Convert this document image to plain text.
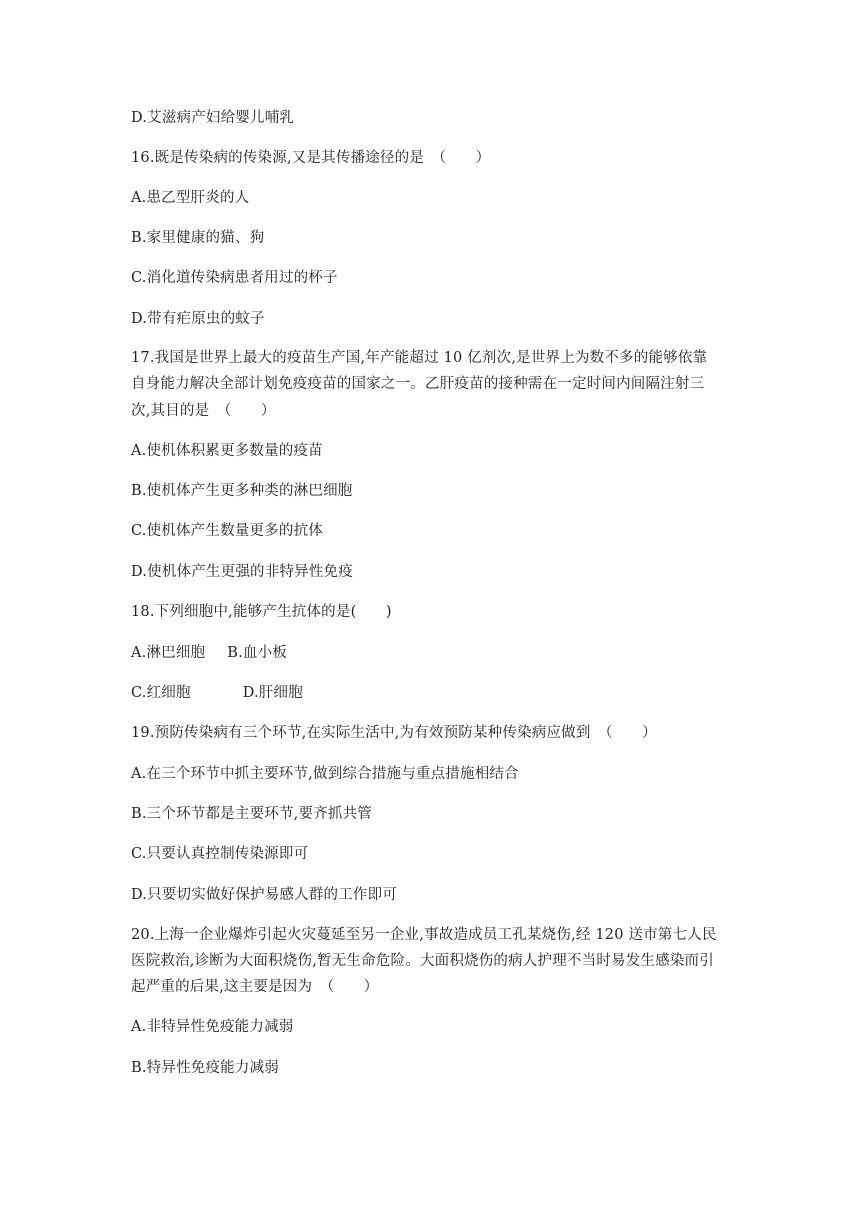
D.艾滋病产妇给婴儿哺乳
16.既是传染病的传染源,又是其传播途径的是　（　　）
A.患乙型肝炎的人
B.家里健康的猫、狗
C.消化道传染病患者用过的杯子
D.带有疟原虫的蚊子
17.我国是世界上最大的疫苗生产国,年产能超过 10 亿剂次,是世界上为数不多的能够依靠
自身能力解决全部计划免疫疫苗的国家之一。乙肝疫苗的接种需在一定时间内间隔注射三
次,其目的是　（　　）
A.使机体积累更多数量的疫苗
B.使机体产生更多种类的淋巴细胞
C.使机体产生数量更多的抗体
D.使机体产生更强的非特异性免疫
18.下列细胞中,能够产生抗体的是(　　)
A.淋巴细胞 B.血小板
C.红细胞	D.肝细胞
19.预防传染病有三个环节,在实际生活中,为有效预防某种传染病应做到　（　　）
A.在三个环节中抓主要环节,做到综合措施与重点措施相结合
B.三个环节都是主要环节,要齐抓共管
C.只要认真控制传染源即可
D.只要切实做好保护易感人群的工作即可
20.上海一企业爆炸引起火灾蔓延至另一企业,事故造成员工孔某烧伤,经 120 送市第七人民
医院救治,诊断为大面积烧伤,暂无生命危险。大面积烧伤的病人护理不当时易发生感染而引
起严重的后果,这主要是因为　（　　）
A.非特异性免疫能力减弱
B.特异性免疫能力减弱
